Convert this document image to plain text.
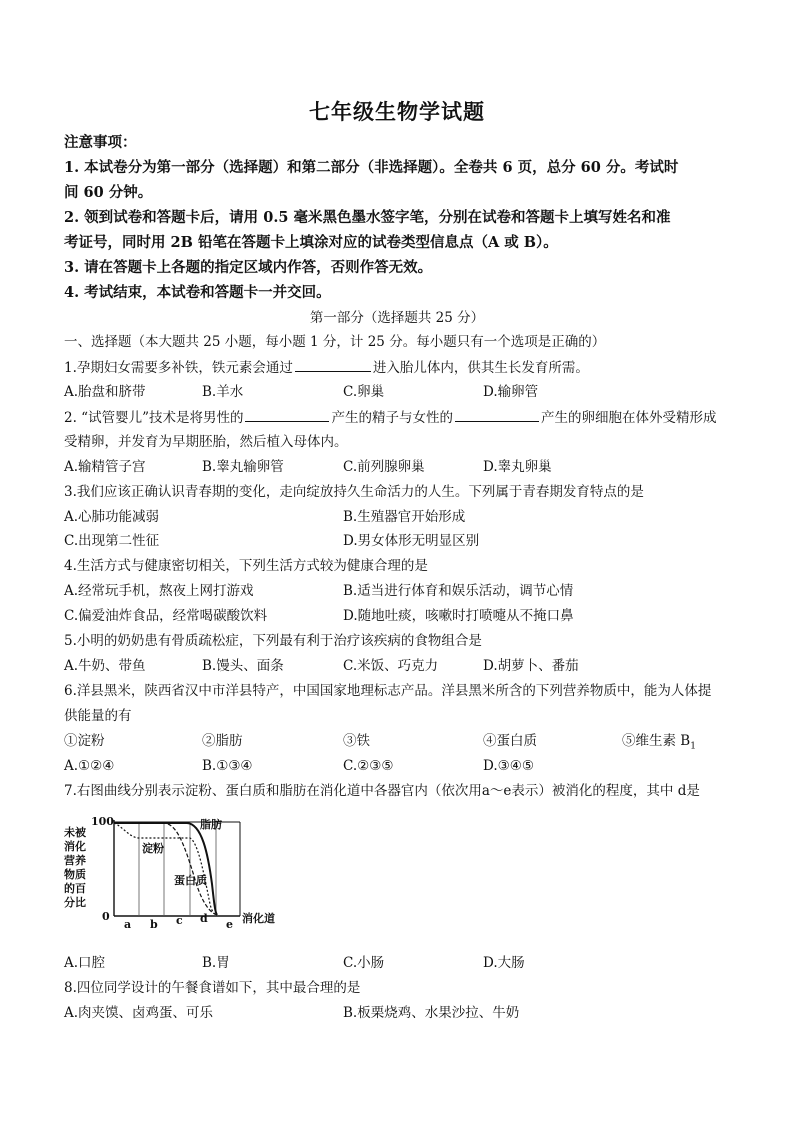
七年级生物学试题
注意事项：
1. 本试卷分为第一部分（选择题）和第二部分（非选择题）。全卷共 6 页，总分 60 分。考试时
间 60 分钟。
2. 领到试卷和答题卡后，请用 0.5 毫米黑色墨水签字笔，分别在试卷和答题卡上填写姓名和准
考证号，同时用 2B 铅笔在答题卡上填涂对应的试卷类型信息点（A 或 B）。
3. 请在答题卡上各题的指定区域内作答，否则作答无效。
4. 考试结束，本试卷和答题卡一并交回。
第一部分（选择题共 25 分）
一、选择题（本大题共 25 小题，每小题 1 分，计 25 分。每小题只有一个选项是正确的）
1.孕期妇女需要多补铁，铁元素会通过	进入胎儿体内，供其生长发育所需。
A.胎盘和脐带	B.羊水	C.卵巢	D.输卵管
2. “试管婴儿”技术是将男性的	产生的精子与女性的	产生的卵细胞在体外受精形成
受精卵，并发育为早期胚胎，然后植入母体内。
A.输精管子宫	B.睾丸输卵管	C.前列腺卵巢	D.睾丸卵巢
3.我们应该正确认识青春期的变化，走向绽放持久生命活力的人生。下列属于青春期发育特点的是
A.心肺功能减弱	B.生殖器官开始形成
C.出现第二性征	D.男女体形无明显区别
4.生活方式与健康密切相关，下列生活方式较为健康合理的是
A.经常玩手机，熬夜上网打游戏	B.适当进行体育和娱乐活动，调节心情
C.偏爱油炸食品，经常喝碳酸饮料	D.随地吐痰，咳嗽时打喷嚏从不掩口鼻
5.小明的奶奶患有骨质疏松症，下列最有利于治疗该疾病的食物组合是
A.牛奶、带鱼	B.馒头、面条	C.米饭、巧克力	D.胡萝卜、番茄
6.洋县黑米，陕西省汉中市洋县特产，中国国家地理标志产品。洋县黑米所含的下列营养物质中，能为人体提
供能量的有
①淀粉	②脂肪	③铁	④蛋白质	⑤维生素 $B_1$
A.①②④	B.①③④	C.②③⑤	D.③④⑤
7.右图曲线分别表示淀粉、蛋白质和脂肪在消化道中各器官内（依次用a～e表示）被消化的程度，其中 d是
未被
消化
营养
物质
的百
分比
100
0
脂肪
淀粉
蛋白质
a b c d e 消化道
A.口腔	B.胃	C.小肠	D.大肠
8.四位同学设计的午餐食谱如下，其中最合理的是
A.肉夹馍、卤鸡蛋、可乐	B.板栗烧鸡、水果沙拉、牛奶
